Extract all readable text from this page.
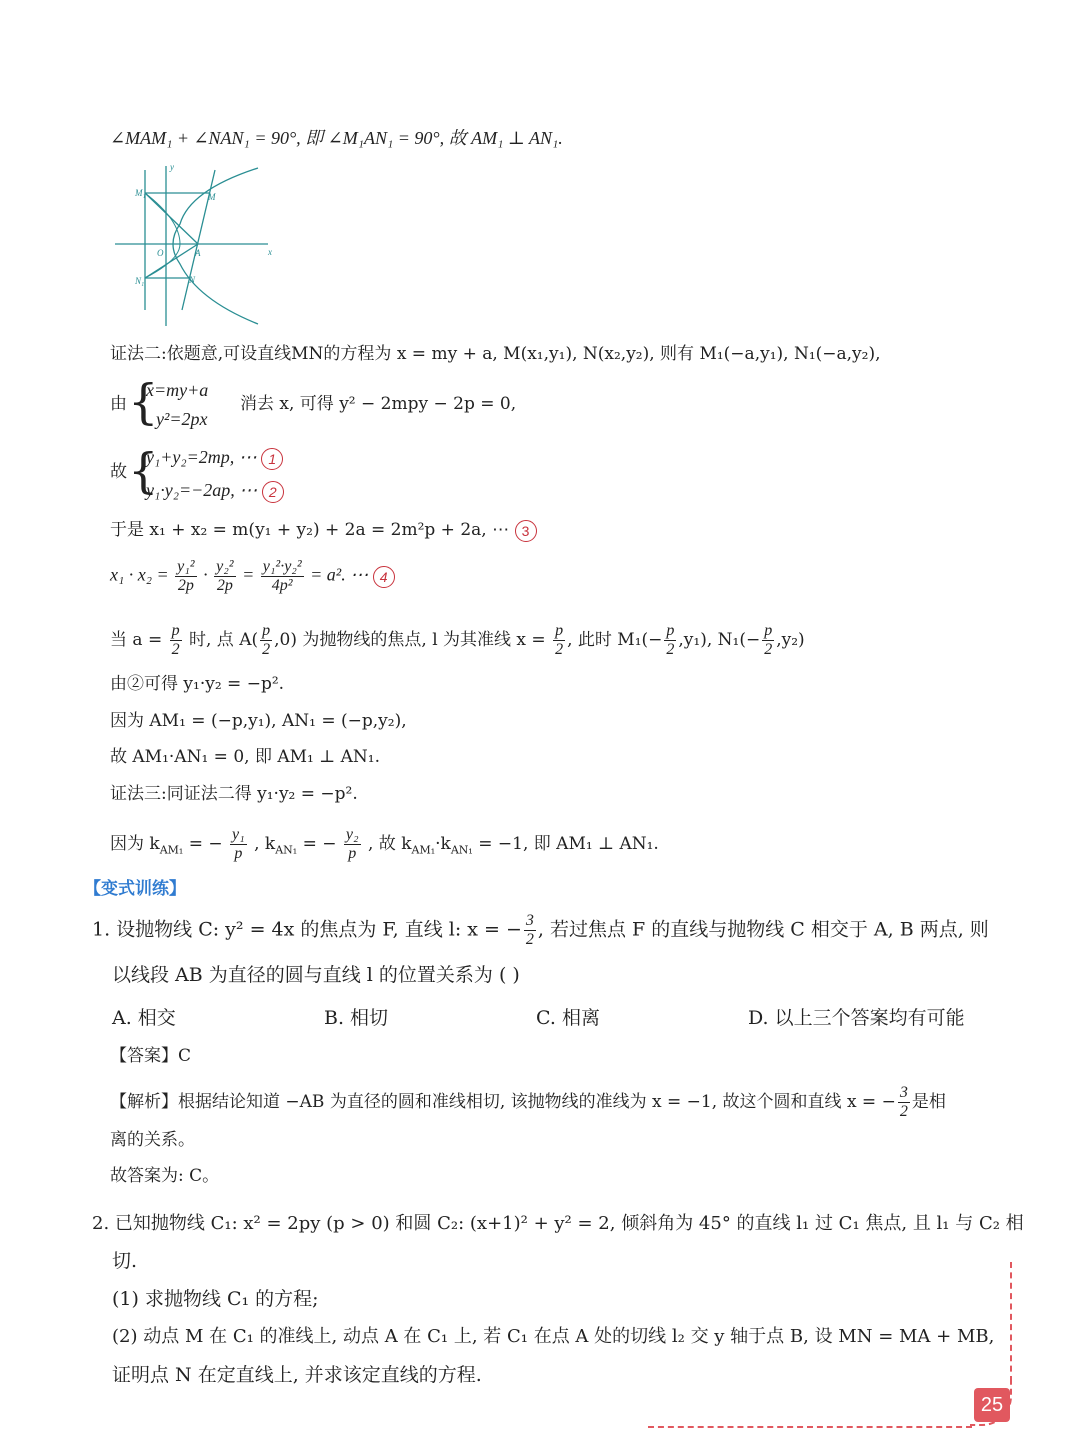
∠MAM₁ + ∠NAN₁ = 90°, 即 ∠M₁AN₁ = 90°, 故 AM₁ ⊥ AN₁.
y
x
O	A
M
M₁
N
N₁
证法二:依题意,可设直线MN的方程为 x = my + a, M(x₁,y₁), N(x₂,y₂), 则有 M₁(−a,y₁), N₁(−a,y₂),
由 {
x=my+a
y²=2px
消去 x, 可得 y² − 2mpy − 2p = 0,
故 {
y₁+y₂=2mp, ⋯ 1
y₁·y₂=−2ap, ⋯ 2
于是 x₁ + x₂ = m(y₁ + y₂) + 2a = 2m²p + 2a, ⋯ 3
$x_1 \cdot x_2 = \frac{\text{y₁²}}{2p} \cdot \frac{\text{y₂²}}{2p} = \frac{\text{y₁²·y₂²}}{\text{4p²}} = a^2$. ⋯ 4
当 $a = \frac{p}{2}$ 时, 点 $A( \frac{p}{2} ,0)$ 为抛物线的焦点, l 为其准线 $x = \frac{p}{2}$ , 此时 $M_1(- \frac{p}{2} ,y_1)$, $N_1(- \frac{p}{2} ,y_2)$
由②可得 y₁·y₂ = −p².
因为 AM₁ = (−p,y₁), AN₁ = (−p,y₂),
故 AM₁·AN₁ = 0, 即 AM₁ ⊥ AN₁.
证法三:同证法二得 y₁·y₂ = −p².
因为 $k_{AM_1}$ = − $\frac{\text{y₁}}{p}$ , $k_{AN_1}$ = − $\frac{\text{y₂}}{p}$ , 故 $k_{AM_1}\cdot k_{AN_1} = -1$, 即 AM₁ ⊥ AN₁.
【变式训练】
1. 设抛物线 C: y² = 4x 的焦点为 F, 直线 l: x = − $\frac{3}{2}$ , 若过焦点 F 的直线与抛物线 C 相交于 A, B 两点, 则
以线段 AB 为直径的圆与直线 l 的位置关系为 ( )
A. 相交	B. 相切	C. 相离	D. 以上三个答案均有可能
【答案】C
【解析】根据结论知道 −AB 为直径的圆和准线相切, 该抛物线的准线为 x = −1, 故这个圆和直线 x = − $\frac{3}{2}$ 是相
离的关系。
故答案为: C。
2. 已知抛物线 C₁: x² = 2py (p > 0) 和圆 C₂: (x+1)² + y² = 2, 倾斜角为 45° 的直线 l₁ 过 C₁ 焦点, 且 l₁ 与 C₂ 相
切.
(1) 求抛物线 C₁ 的方程;
(2) 动点 M 在 C₁ 的准线上, 动点 A 在 C₁ 上, 若 C₁ 在点 A 处的切线 l₂ 交 y 轴于点 B, 设 MN = MA + MB,
证明点 N 在定直线上, 并求该定直线的方程.
25
